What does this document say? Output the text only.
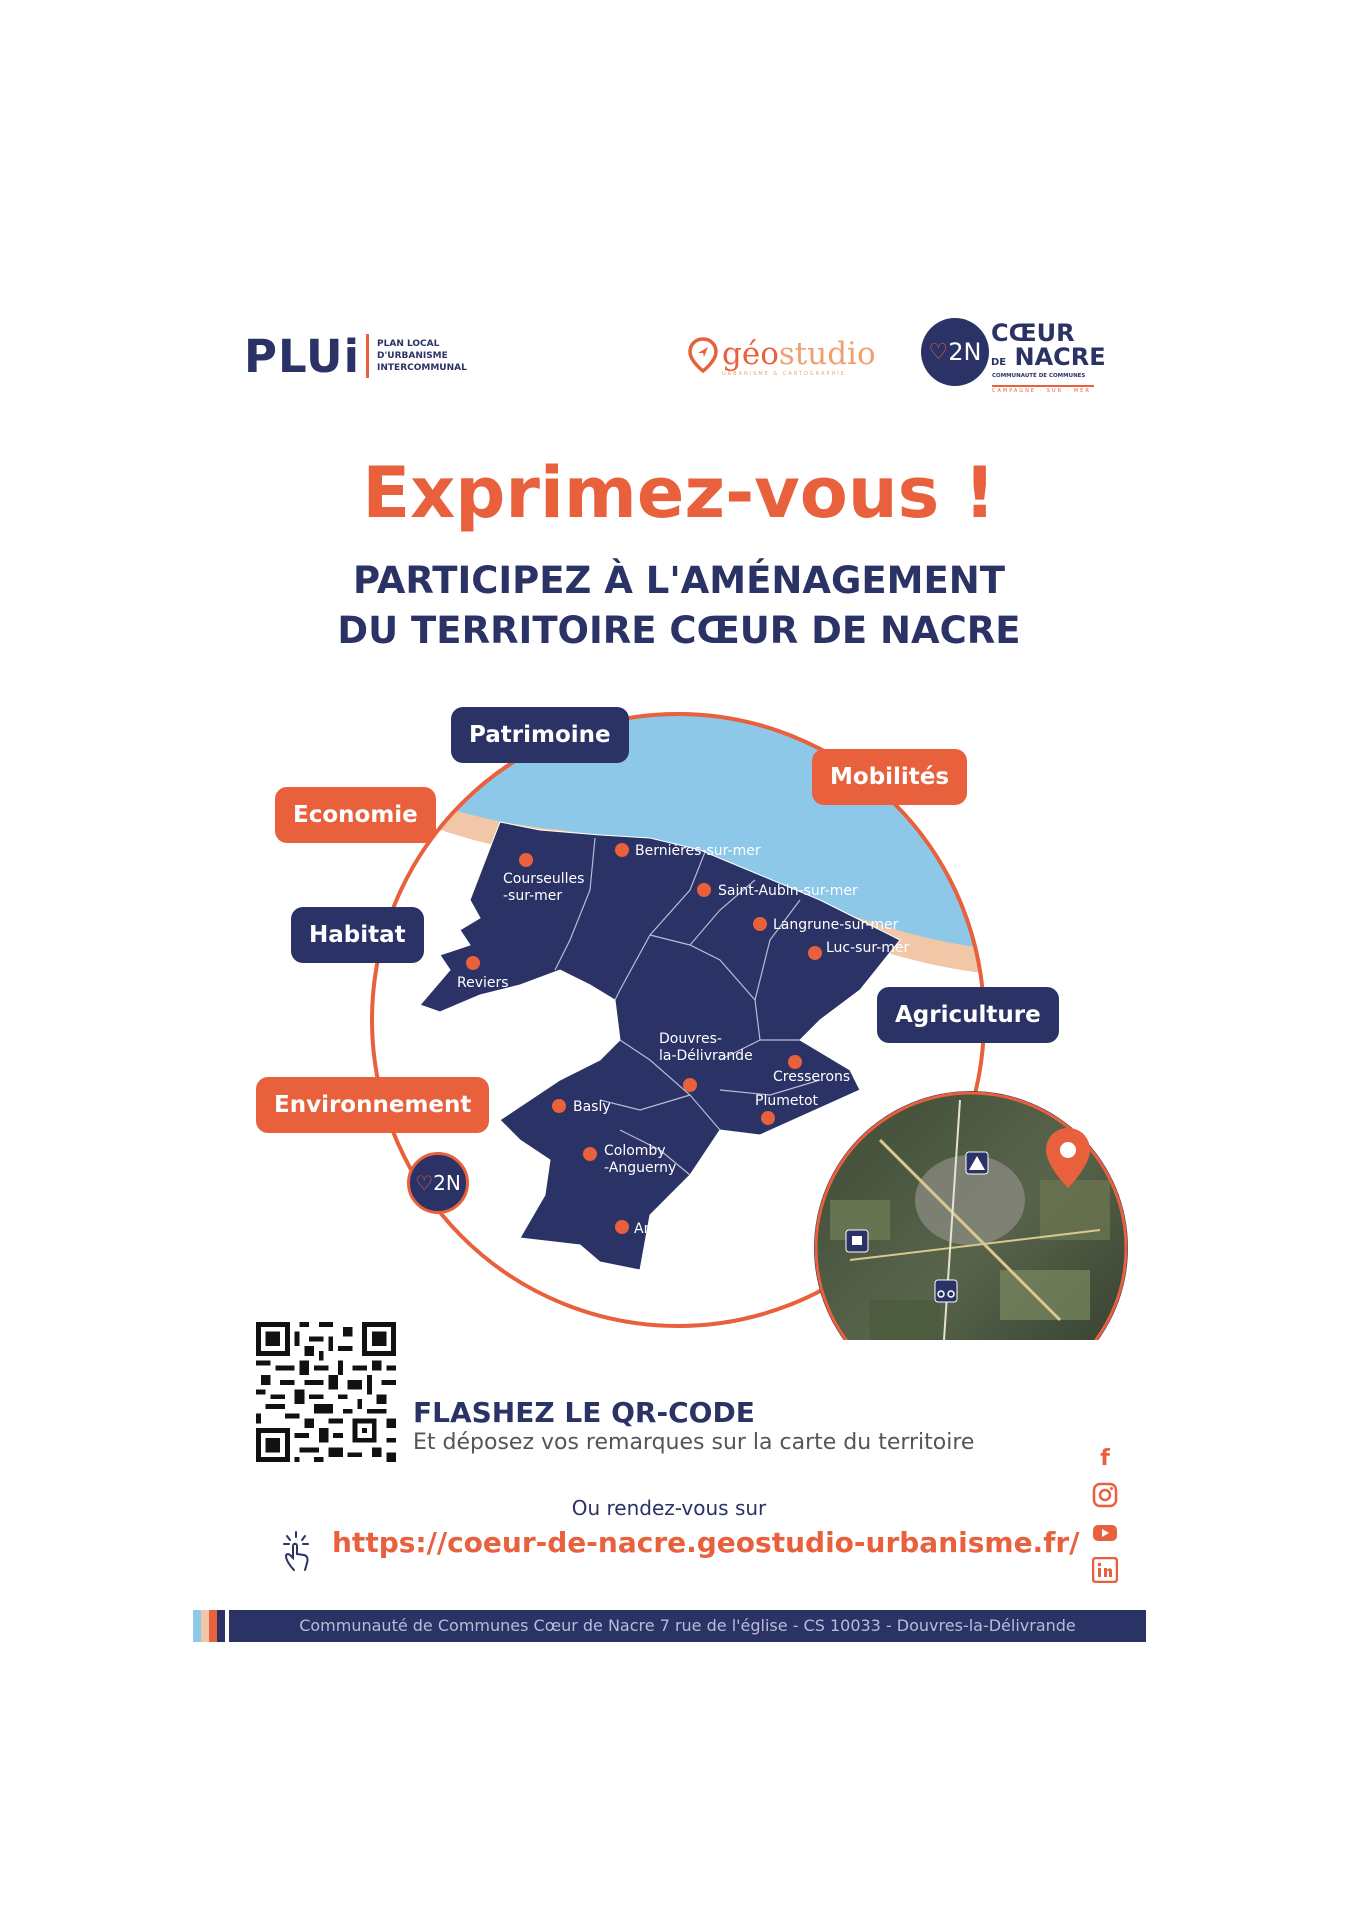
PLUi PLAN LOCAL
D'URBANISME
INTERCOMMUNAL	géostudio
URBANISME & CARTOGRAPHIE
♡ 2N
CŒUR
DE NACRE
COMMUNAUTÉ DE COMMUNES
CAMPAGNE · SUR · MER
Exprimez-vous !
PARTICIPEZ À L'AMÉNAGEMENT
DU TERRITOIRE CŒUR DE NACRE
Patrimoine
Mobilités
Economie
Habitat
Agriculture
Environnement
♡ 2N
Courseulles
-sur-mer
Bernières-sur-mer
Saint-Aubin-sur-mer
Langrune-sur-mer
Luc-sur-mer
Reviers
Douvres-
la-Délivrande
Cresserons
Plumetot
Basly
Colomby
-Anguerny
Anisy
FLASHEZ LE QR-CODE
Et déposez vos remarques sur la carte du territoire
Ou rendez-vous sur
https://coeur-de-nacre.geostudio-urbanisme.fr/
f
Communauté de Communes Cœur de Nacre 7 rue de l'église - CS 10033 - Douvres-la-Délivrande
